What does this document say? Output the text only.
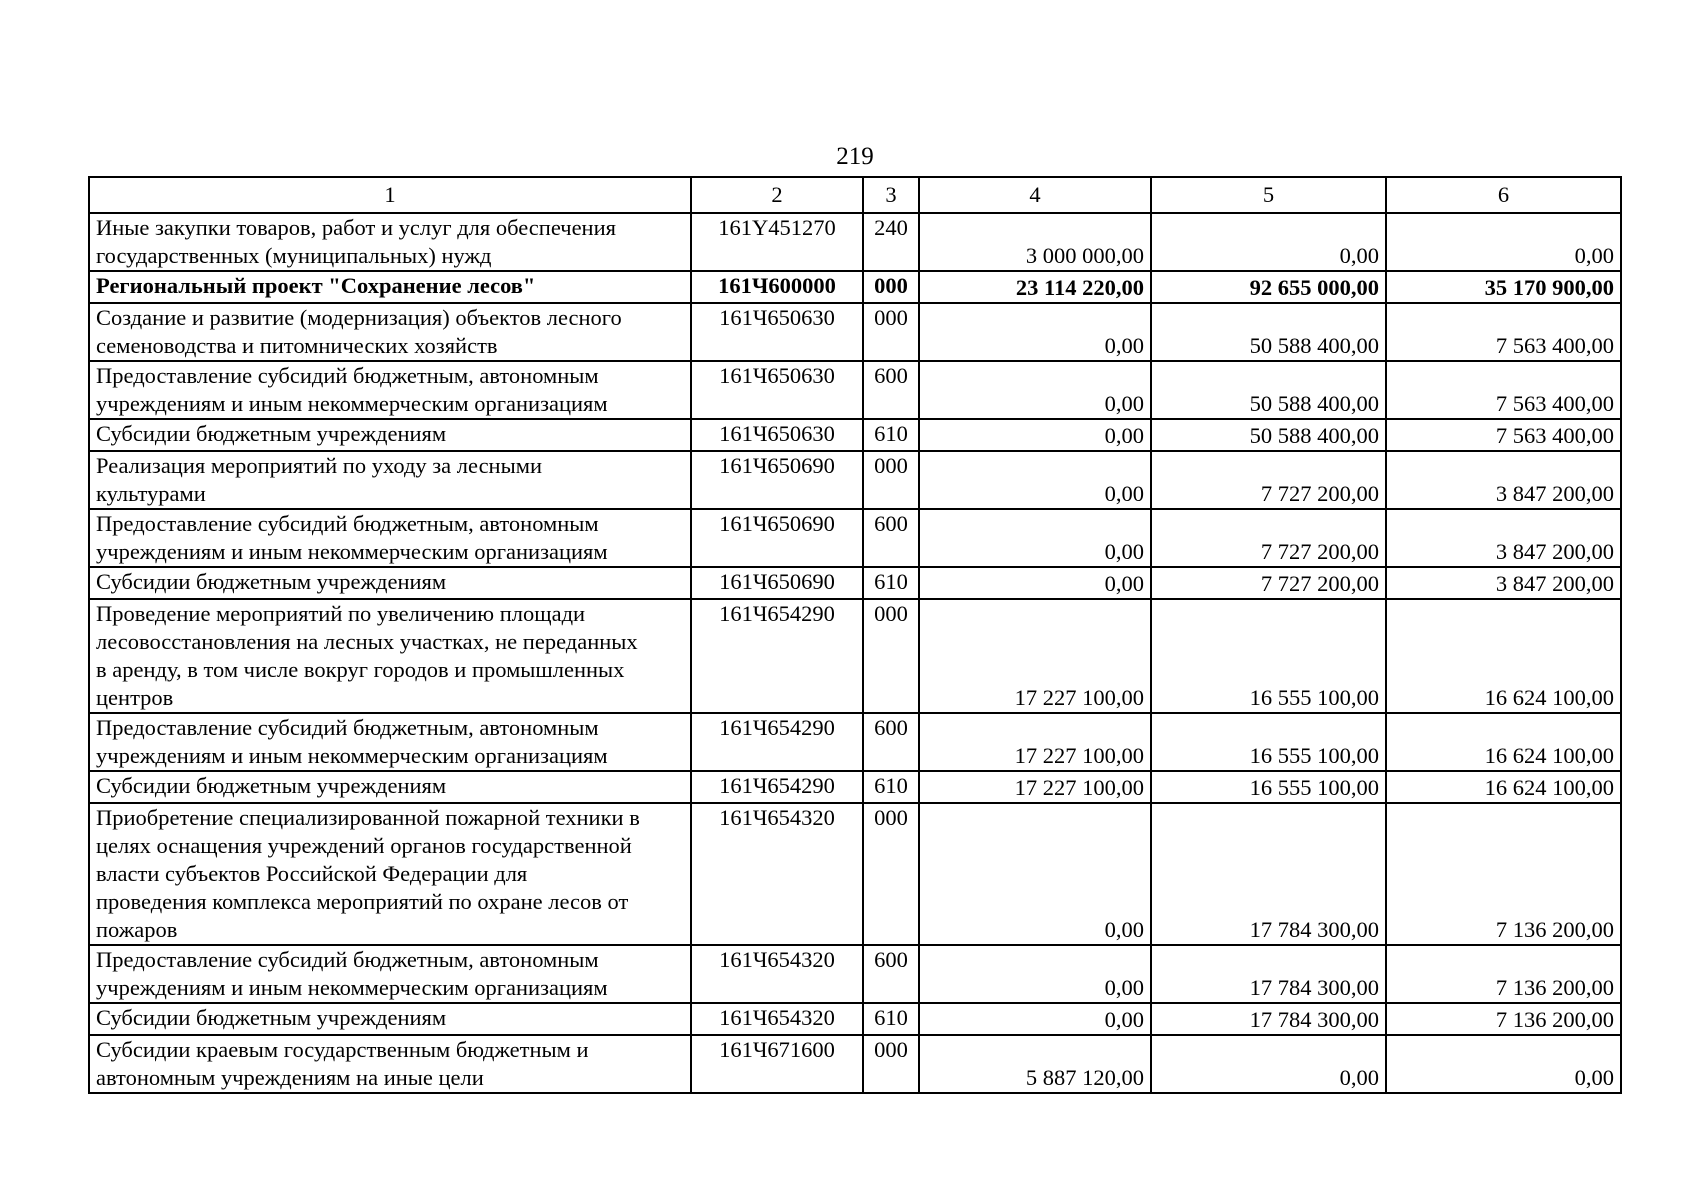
219
1	2	3	4	5	6

Иные закупки товаров, работ и услуг для обеспечения
государственных (муниципальных) нужд	161Y451270	240	3 000 000,00	0,00	0,00

Региональный проект "Сохранение лесов"	161Ч600000	000	23 114 220,00	92 655 000,00	35 170 900,00

Создание и развитие (модернизация) объектов лесного
семеноводства и питомнических хозяйств	161Ч650630	000	0,00	50 588 400,00	7 563 400,00

Предоставление субсидий бюджетным, автономным
учреждениям и иным некоммерческим организациям	161Ч650630	600	0,00	50 588 400,00	7 563 400,00

Субсидии бюджетным учреждениям	161Ч650630	610	0,00	50 588 400,00	7 563 400,00

Реализация мероприятий по уходу за лесными
культурами	161Ч650690	000	0,00	7 727 200,00	3 847 200,00

Предоставление субсидий бюджетным, автономным
учреждениям и иным некоммерческим организациям	161Ч650690	600	0,00	7 727 200,00	3 847 200,00

Субсидии бюджетным учреждениям	161Ч650690	610	0,00	7 727 200,00	3 847 200,00

Проведение мероприятий по увеличению площади
лесовосстановления на лесных участках, не переданных
в аренду, в том числе вокруг городов и промышленных
центров	161Ч654290	000	17 227 100,00	16 555 100,00	16 624 100,00

Предоставление субсидий бюджетным, автономным
учреждениям и иным некоммерческим организациям	161Ч654290	600	17 227 100,00	16 555 100,00	16 624 100,00

Субсидии бюджетным учреждениям	161Ч654290	610	17 227 100,00	16 555 100,00	16 624 100,00

Приобретение специализированной пожарной техники в
целях оснащения учреждений органов государственной
власти субъектов Российской Федерации для
проведения комплекса мероприятий по охране лесов от
пожаров	161Ч654320	000	0,00	17 784 300,00	7 136 200,00

Предоставление субсидий бюджетным, автономным
учреждениям и иным некоммерческим организациям	161Ч654320	600	0,00	17 784 300,00	7 136 200,00

Субсидии бюджетным учреждениям	161Ч654320	610	0,00	17 784 300,00	7 136 200,00

Субсидии краевым государственным бюджетным и
автономным учреждениям на иные цели	161Ч671600	000	5 887 120,00	0,00	0,00
